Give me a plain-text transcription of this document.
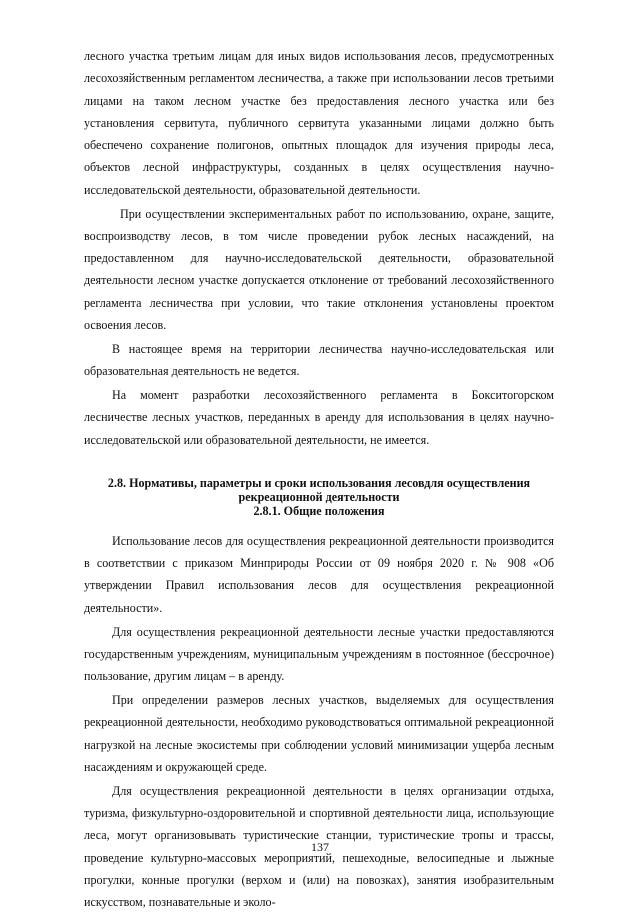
лесного участка третьим лицам для иных видов использования лесов, предусмотренных лесохозяйственным регламентом лесничества, а также при использовании лесов третьими лицами на таком лесном участке без предоставления лесного участка или без установления сервитута, публичного сервитута указанными лицами должно быть обеспечено сохранение полигонов, опытных площадок для изучения природы леса, объектов лесной инфраструктуры, созданных в целях осуществления научно-исследовательской деятельности, образовательной деятельности.

При осуществлении экспериментальных работ по использованию, охране, защите, воспроизводству лесов, в том числе проведении рубок лесных насаждений, на предоставленном для научно-исследовательской деятельности, образовательной деятельности лесном участке допускается отклонение от требований лесохозяйственного регламента лесничества при условии, что такие отклонения установлены проектом освоения лесов.

В настоящее время на территории лесничества научно-исследовательская или образовательная деятельность не ведется.

На момент разработки лесохозяйственного регламента в Бокситогорском лесничестве лесных участков, переданных в аренду для использования в целях научно-исследовательской или образовательной деятельности, не имеется.

2.8. Нормативы, параметры и сроки использования лесовдля осуществления
рекреационной деятельности
2.8.1. Общие положения

Использование лесов для осуществления рекреационной деятельности производится в соответствии с приказом Минприроды России от 09 ноября 2020 г. № 908 «Об утверждении Правил использования лесов для осуществления рекреационной деятельности».

Для осуществления рекреационной деятельности лесные участки предоставляются государственным учреждениям, муниципальным учреждениям в постоянное (бессрочное) пользование, другим лицам – в аренду.

При определении размеров лесных участков, выделяемых для осуществления рекреационной деятельности, необходимо руководствоваться оптимальной рекреационной нагрузкой на лесные экосистемы при соблюдении условий минимизации ущерба лесным насаждениям и окружающей среде.

Для осуществления рекреационной деятельности в целях организации отдыха, туризма, физкультурно-оздоровительной и спортивной деятельности лица, использующие леса, могут организовывать туристические станции, туристические тропы и трассы, проведение культурно-массовых мероприятий, пешеходные, велосипедные и лыжные прогулки, конные прогулки (верхом и (или) на повозках), занятия изобразительным искусством, познавательные и эколо-

137
